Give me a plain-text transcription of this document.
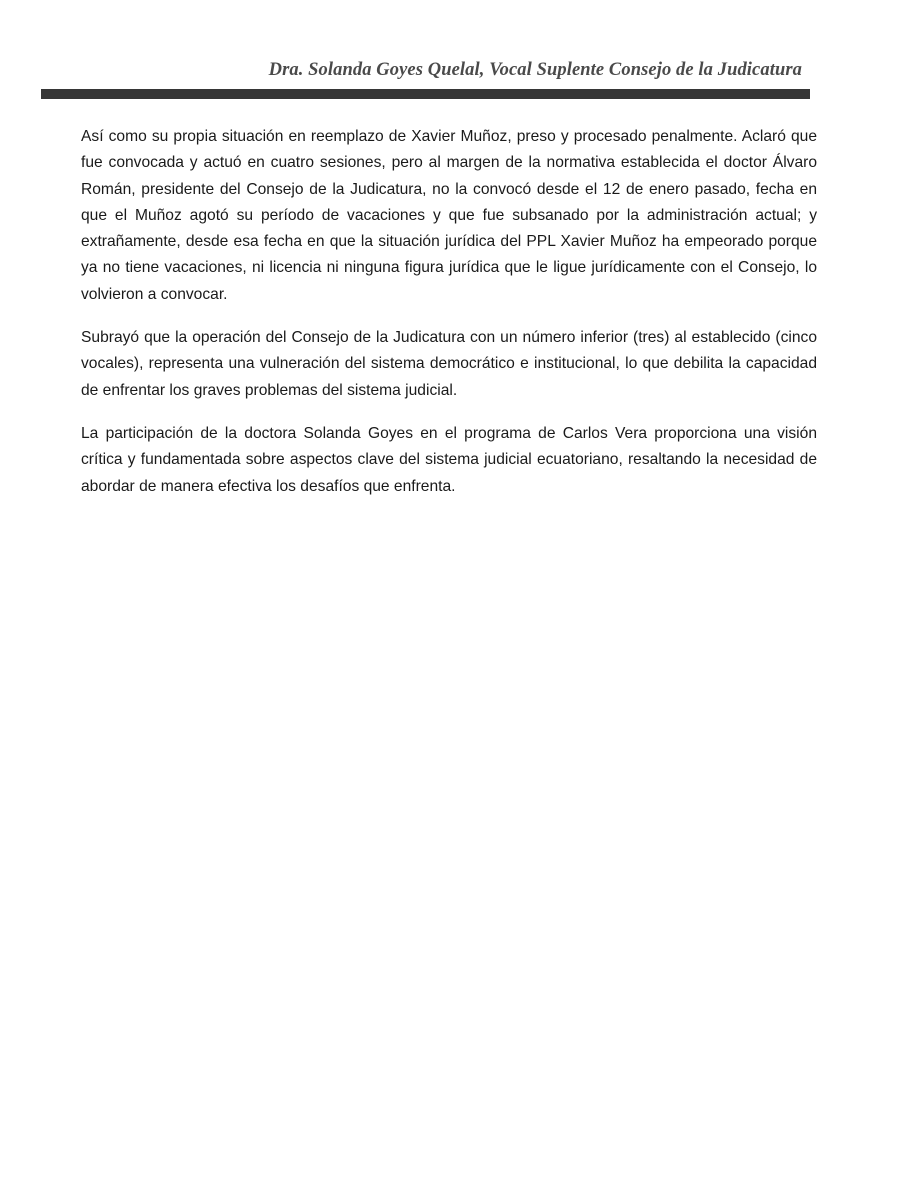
Dra. Solanda Goyes Quelal, Vocal Suplente Consejo de la Judicatura

Así como su propia situación en reemplazo de Xavier Muñoz, preso y procesado penalmente. Aclaró que fue convocada y actuó en cuatro sesiones, pero al margen de la normativa establecida el doctor Álvaro Román, presidente del Consejo de la Judicatura, no la convocó desde el 12 de enero pasado, fecha en que el Muñoz agotó su período de vacaciones y que fue subsanado por la administración actual; y extrañamente, desde esa fecha en que la situación jurídica del PPL Xavier Muñoz ha empeorado porque ya no tiene vacaciones, ni licencia ni ninguna figura jurídica que le ligue jurídicamente con el Consejo, lo volvieron a convocar.

Subrayó que la operación del Consejo de la Judicatura con un número inferior (tres) al establecido (cinco vocales), representa una vulneración del sistema democrático e institucional, lo que debilita la capacidad de enfrentar los graves problemas del sistema judicial.

La participación de la doctora Solanda Goyes en el programa de Carlos Vera proporciona una visión crítica y fundamentada sobre aspectos clave del sistema judicial ecuatoriano, resaltando la necesidad de abordar de manera efectiva los desafíos que enfrenta.
